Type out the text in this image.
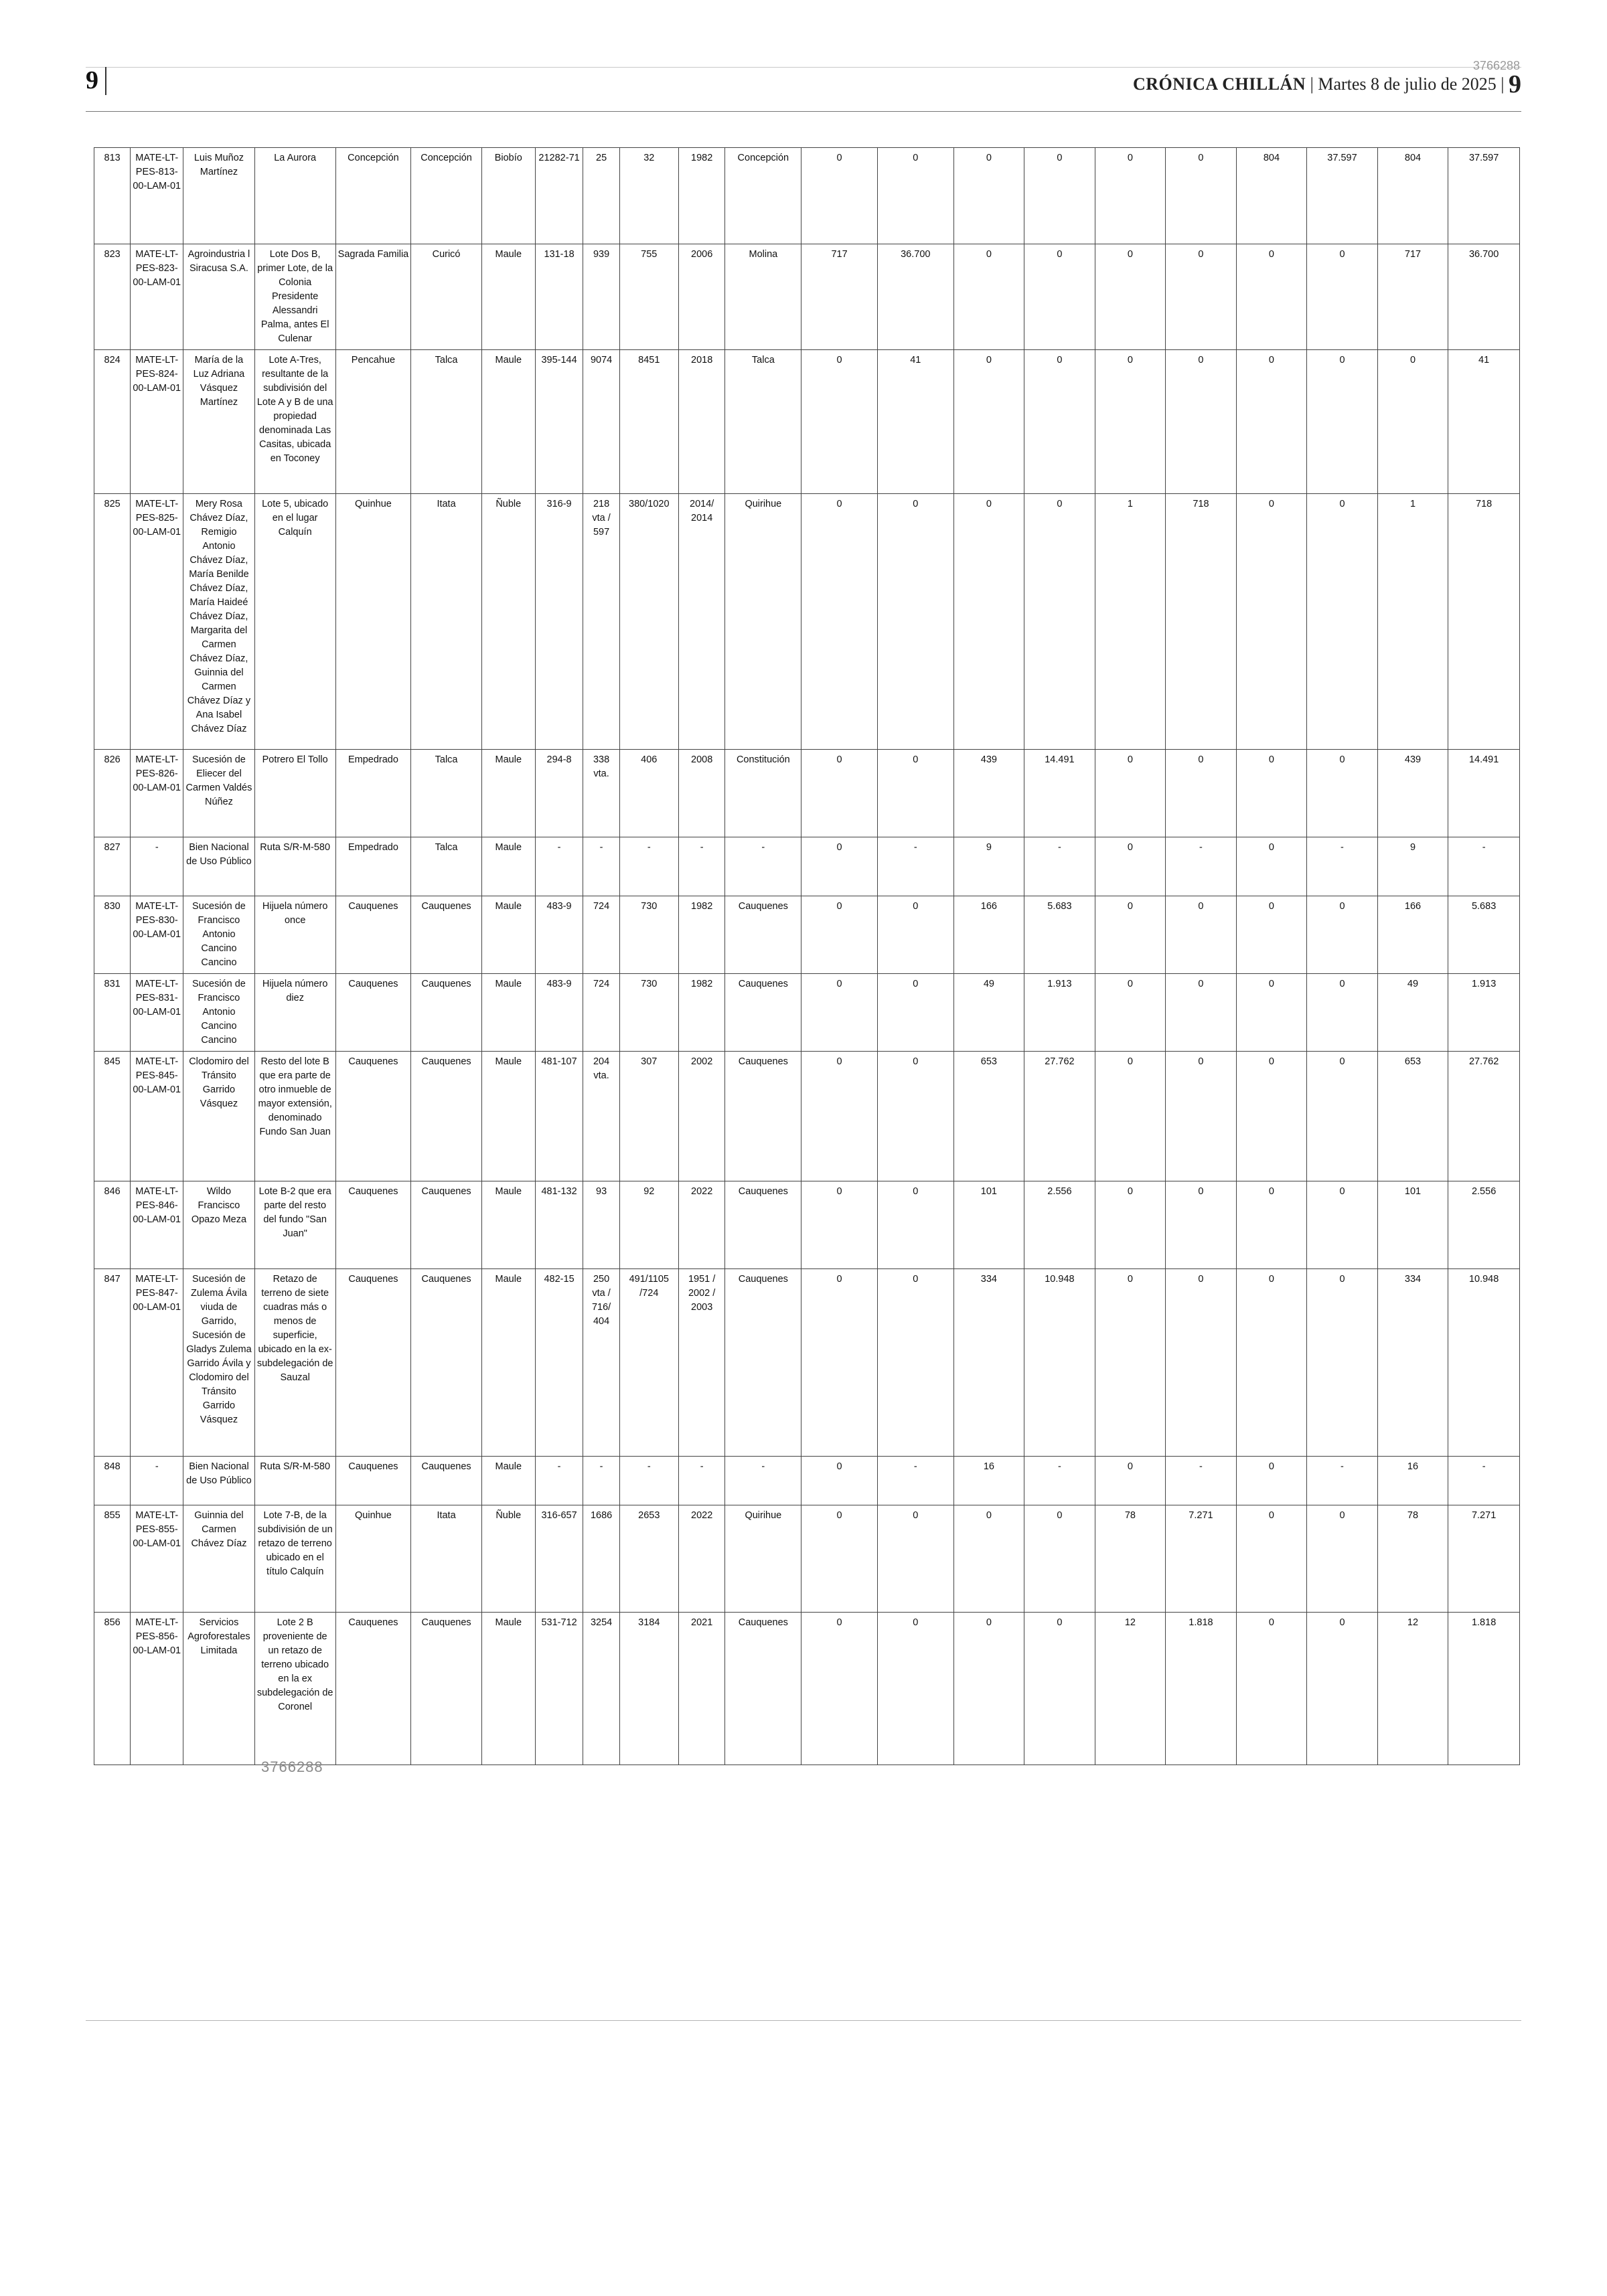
9
3766288
CRÓNICA CHILLÁN | Martes 8 de julio de 2025 | 9
813	MATE-LT-PES-813-00-LAM-01	Luis Muñoz Martínez	La Aurora	Concepción	Concepción	Biobío	21282-71	25	32	1982	Concepción	0	0	0	0	0	0	804	37.597	804	37.597
823	MATE-LT-PES-823-00-LAM-01	Agroindustria l Siracusa S.A.	Lote Dos B, primer Lote, de la Colonia Presidente Alessandri Palma, antes El Culenar	Sagrada Familia	Curicó	Maule	131-18	939	755	2006	Molina	717	36.700	0	0	0	0	0	0	717	36.700
824	MATE-LT-PES-824-00-LAM-01	María de la Luz Adriana Vásquez Martínez	Lote A-Tres, resultante de la subdivisión del Lote A y B de una propiedad denominada Las Casitas, ubicada en Toconey	Pencahue	Talca	Maule	395-144	9074	8451	2018	Talca	0	41	0	0	0	0	0	0	0	41
825	MATE-LT-PES-825-00-LAM-01	Mery Rosa Chávez Díaz, Remigio Antonio Chávez Díaz, María Benilde Chávez Díaz, María Haideé Chávez Díaz, Margarita del Carmen Chávez Díaz, Guinnia del Carmen Chávez Díaz y Ana Isabel Chávez Díaz	Lote 5, ubicado en el lugar Calquín	Quinhue	Itata	Ñuble	316-9	218 vta / 597	380/1020	2014/ 2014	Quirihue	0	0	0	0	1	718	0	0	1	718
826	MATE-LT-PES-826-00-LAM-01	Sucesión de Eliecer del Carmen Valdés Núñez	Potrero El Tollo	Empedrado	Talca	Maule	294-8	338 vta.	406	2008	Constitución	0	0	439	14.491	0	0	0	0	439	14.491
827	-	Bien Nacional de Uso Público	Ruta S/R-M-580	Empedrado	Talca	Maule	-	-	-	-	-	0	-	9	-	0	-	0	-	9	-
830	MATE-LT-PES-830-00-LAM-01	Sucesión de Francisco Antonio Cancino Cancino	Hijuela número once	Cauquenes	Cauquenes	Maule	483-9	724	730	1982	Cauquenes	0	0	166	5.683	0	0	0	0	166	5.683
831	MATE-LT-PES-831-00-LAM-01	Sucesión de Francisco Antonio Cancino Cancino	Hijuela número diez	Cauquenes	Cauquenes	Maule	483-9	724	730	1982	Cauquenes	0	0	49	1.913	0	0	0	0	49	1.913
845	MATE-LT-PES-845-00-LAM-01	Clodomiro del Tránsito Garrido Vásquez	Resto del lote B que era parte de otro inmueble de mayor extensión, denominado Fundo San Juan	Cauquenes	Cauquenes	Maule	481-107	204 vta.	307	2002	Cauquenes	0	0	653	27.762	0	0	0	0	653	27.762
846	MATE-LT-PES-846-00-LAM-01	Wildo Francisco Opazo Meza	Lote B-2 que era parte del resto del fundo "San Juan"	Cauquenes	Cauquenes	Maule	481-132	93	92	2022	Cauquenes	0	0	101	2.556	0	0	0	0	101	2.556
847	MATE-LT-PES-847-00-LAM-01	Sucesión de Zulema Ávila viuda de Garrido, Sucesión de Gladys Zulema Garrido Ávila y Clodomiro del Tránsito Garrido Vásquez	Retazo de terreno de siete cuadras más o menos de superficie, ubicado en la ex-subdelegación de Sauzal	Cauquenes	Cauquenes	Maule	482-15	250 vta / 716/ 404	491/1105 /724	1951 / 2002 / 2003	Cauquenes	0	0	334	10.948	0	0	0	0	334	10.948
848	-	Bien Nacional de Uso Público	Ruta S/R-M-580	Cauquenes	Cauquenes	Maule	-	-	-	-	-	0	-	16	-	0	-	0	-	16	-
855	MATE-LT-PES-855-00-LAM-01	Guinnia del Carmen Chávez Díaz	Lote 7-B, de la subdivisión de un retazo de terreno ubicado en el título Calquín	Quinhue	Itata	Ñuble	316-657	1686	2653	2022	Quirihue	0	0	0	0	78	7.271	0	0	78	7.271
856	MATE-LT-PES-856-00-LAM-01	Servicios Agroforestales Limitada	Lote 2 B proveniente de un retazo de terreno ubicado en la ex subdelegación de Coronel	Cauquenes	Cauquenes	Maule	531-712	3254	3184	2021	Cauquenes	0	0	0	0	12	1.818	0	0	12	1.818
3766288
